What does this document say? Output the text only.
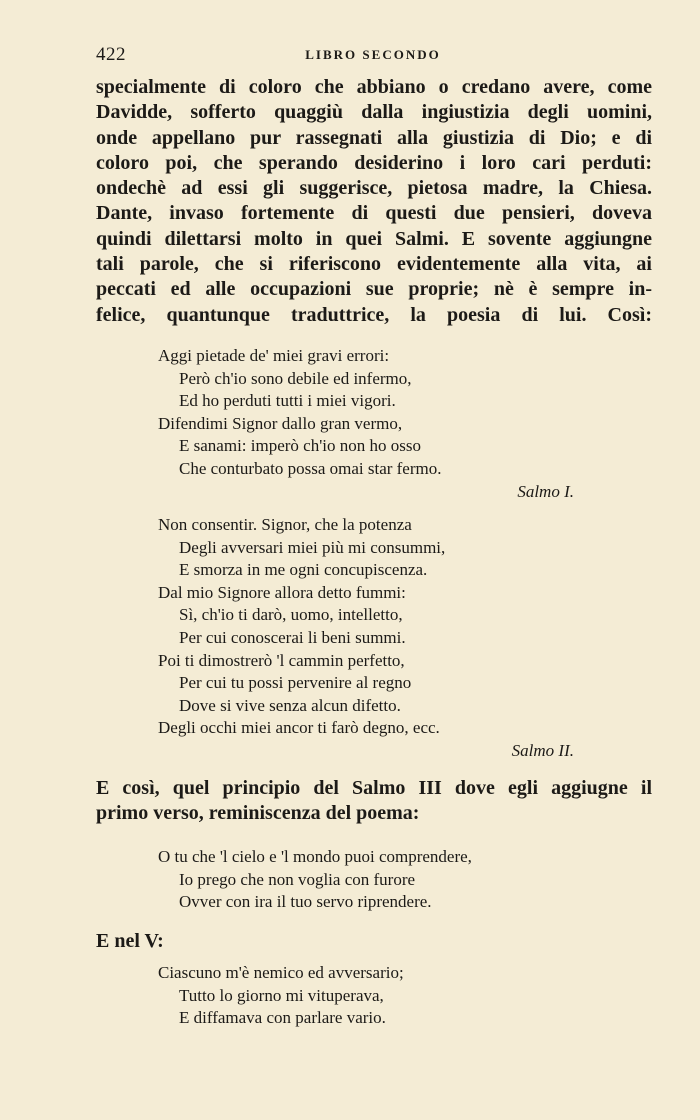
422	LIBRO SECONDO
specialmente di coloro che abbiano o credano avere, come
Davidde, sofferto quaggiù dalla ingiustizia degli uomini,
onde appellano pur rassegnati alla giustizia di Dio; e di
coloro poi, che sperando desiderino i loro cari perduti:
ondechè ad essi gli suggerisce, pietosa madre, la Chiesa.
Dante, invaso fortemente di questi due pensieri, doveva
quindi dilettarsi molto in quei Salmi. E sovente aggiungne
tali parole, che si riferiscono evidentemente alla vita, ai
peccati ed alle occupazioni sue proprie; nè è sempre in-
felice, quantunque traduttrice, la poesia di lui. Così:
Aggi pietade de' miei gravi errori:
Però ch'io sono debile ed infermo,
Ed ho perduti tutti i miei vigori.
Difendimi Signor dallo gran vermo,
E sanami: imperò ch'io non ho osso
Che conturbato possa omai star fermo.
Salmo I.
Non consentir. Signor, che la potenza
Degli avversari miei più mi consummi,
E smorza in me ogni concupiscenza.
Dal mio Signore allora detto fummi:
Sì, ch'io ti darò, uomo, intelletto,
Per cui conoscerai li beni summi.
Poi ti dimostrerò 'l cammin perfetto,
Per cui tu possi pervenire al regno
Dove si vive senza alcun difetto.
Degli occhi miei ancor ti farò degno, ecc.
Salmo II.
E così, quel principio del Salmo III dove egli aggiugne il
primo verso, reminiscenza del poema:
O tu che 'l cielo e 'l mondo puoi comprendere,
Io prego che non voglia con furore
Ovver con ira il tuo servo riprendere.
E nel V:
Ciascuno m'è nemico ed avversario;
Tutto lo giorno mi vituperava,
E diffamava con parlare vario.
